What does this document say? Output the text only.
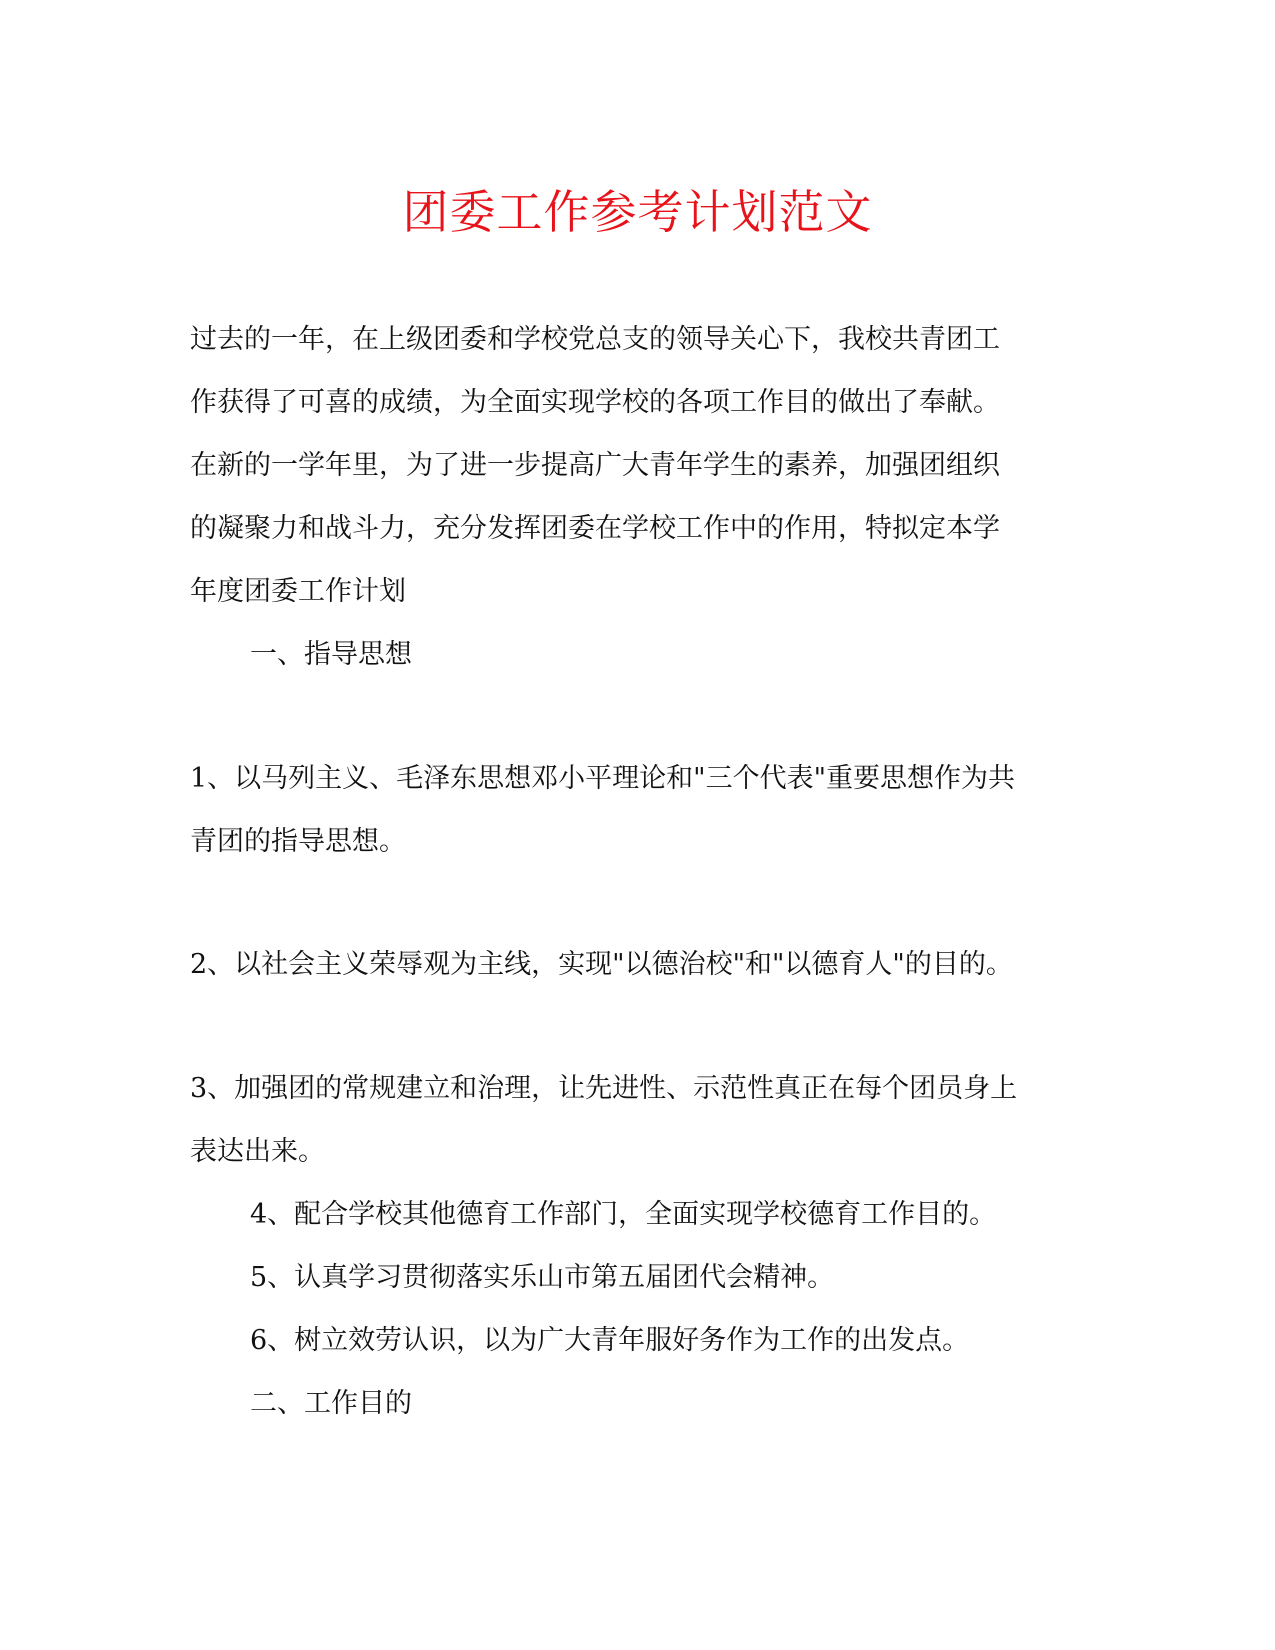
团委工作参考计划范文

过去的一年，在上级团委和学校党总支的领导关心下，我校共青团工

作获得了可喜的成绩，为全面实现学校的各项工作目的做出了奉献。

在新的一学年里，为了进一步提高广大青年学生的素养，加强团组织

的凝聚力和战斗力，充分发挥团委在学校工作中的作用，特拟定本学

年度团委工作计划

一、指导思想

1、以马列主义、毛泽东思想邓小平理论和"三个代表"重要思想作为共

青团的指导思想。

2、以社会主义荣辱观为主线，实现"以德治校"和"以德育人"的目的。

3、加强团的常规建立和治理，让先进性、示范性真正在每个团员身上

表达出来。

4、配合学校其他德育工作部门，全面实现学校德育工作目的。

5、认真学习贯彻落实乐山市第五届团代会精神。

6、树立效劳认识，以为广大青年服好务作为工作的出发点。

二、工作目的
